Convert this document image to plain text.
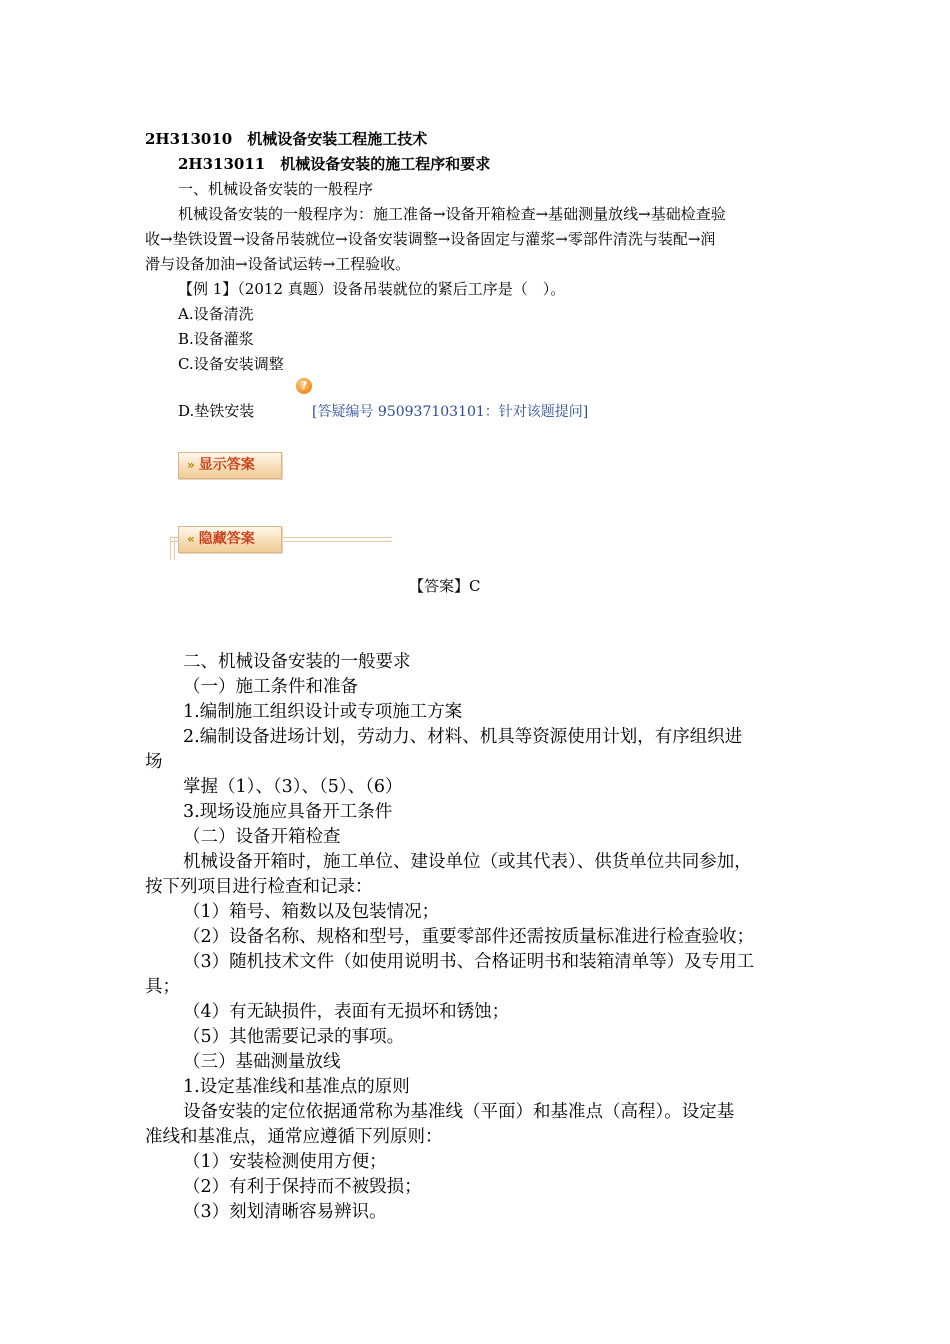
2H313010　机械设备安装工程施工技术
2H313011　机械设备安装的施工程序和要求
一、机械设备安装的一般程序
机械设备安装的一般程序为：施工准备→设备开箱检查→基础测量放线→基础检查验
收→垫铁设置→设备吊装就位→设备安装调整→设备固定与灌浆→零部件清洗与装配→润
滑与设备加油→设备试运转→工程验收。
【例 1】（2012 真题）设备吊装就位的紧后工序是（　）。
A.设备清洗
B.设备灌浆
C.设备安装调整
?
D.垫铁安装	[答疑编号 950937103101：针对该题提问]
» 显示答案
« 隐藏答案
【答案】C
二、机械设备安装的一般要求
（一）施工条件和准备
1.编制施工组织设计或专项施工方案
2.编制设备进场计划，劳动力、材料、机具等资源使用计划，有序组织进
场
掌握（1）、（3）、（5）、（6）
3.现场设施应具备开工条件
（二）设备开箱检查
机械设备开箱时，施工单位、建设单位（或其代表）、供货单位共同参加，
按下列项目进行检查和记录：
（1）箱号、箱数以及包装情况；
（2）设备名称、规格和型号，重要零部件还需按质量标准进行检查验收；
（3）随机技术文件（如使用说明书、合格证明书和装箱清单等）及专用工
具；
（4）有无缺损件，表面有无损坏和锈蚀；
（5）其他需要记录的事项。
（三）基础测量放线
1.设定基准线和基准点的原则
设备安装的定位依据通常称为基准线（平面）和基准点（高程）。设定基
准线和基准点，通常应遵循下列原则：
（1）安装检测使用方便；
（2）有利于保持而不被毁损；
（3）刻划清晰容易辨识。
